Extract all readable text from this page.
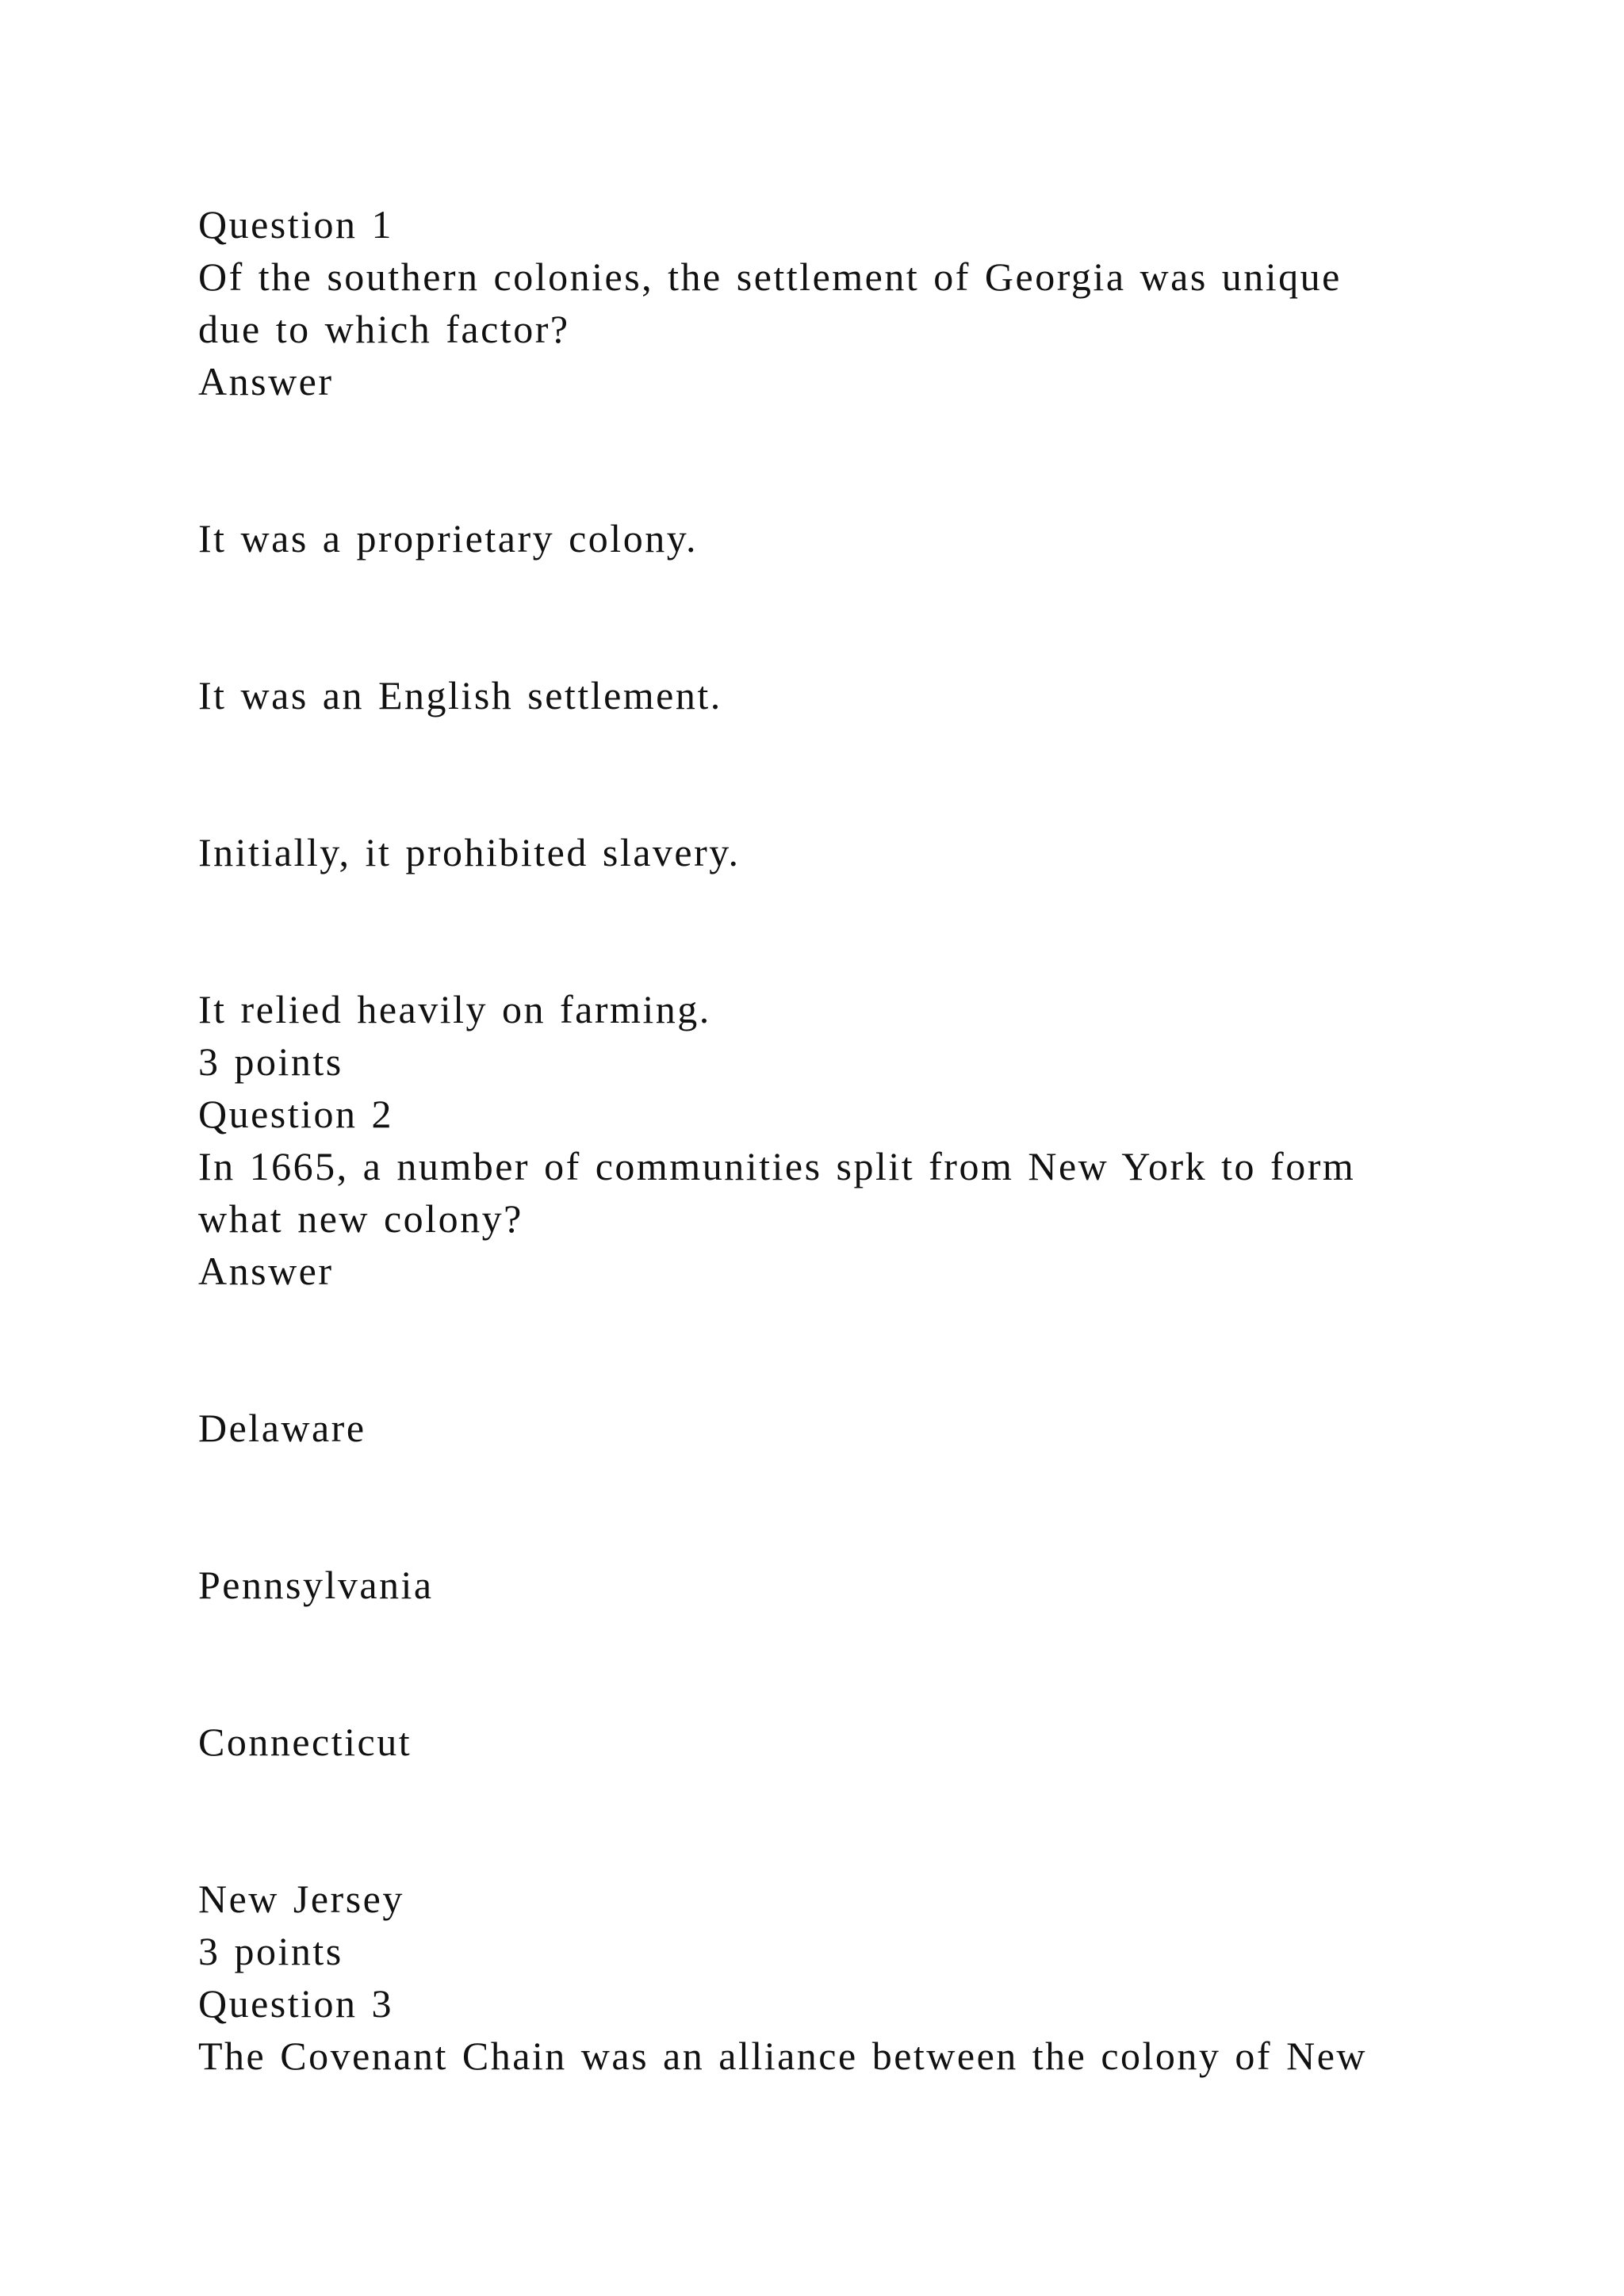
Question 1
Of the southern colonies, the settlement of Georgia was unique
due to which factor?
Answer
It was a proprietary colony.
It was an English settlement.
Initially, it prohibited slavery.
It relied heavily on farming.
3 points
Question 2
In 1665, a number of communities split from New York to form
what new colony?
Answer
Delaware
Pennsylvania
Connecticut
New Jersey
3 points
Question 3
The Covenant Chain was an alliance between the colony of New
